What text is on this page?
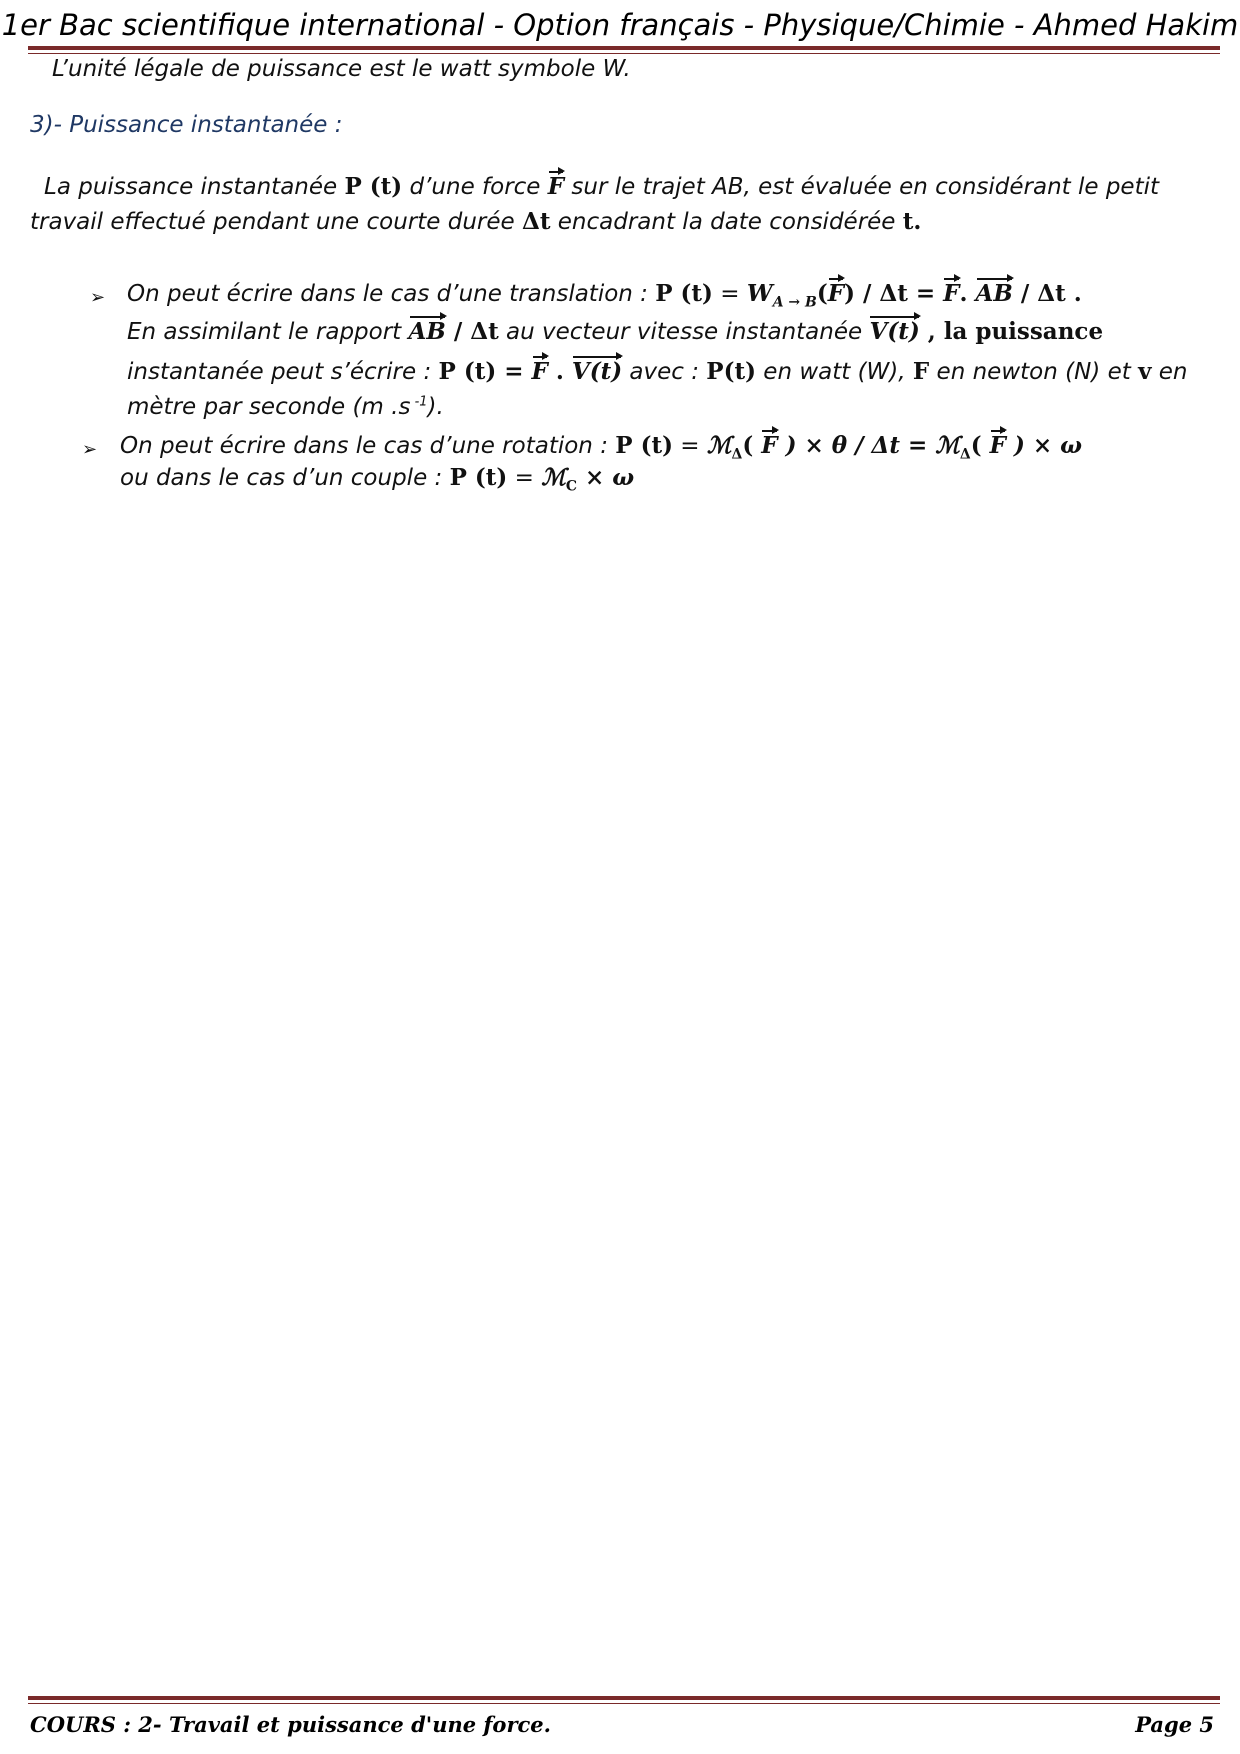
1er Bac scientifique international - Option français - Physique/Chimie - Ahmed Hakim
L’unité légale de puissance est le watt symbole W.
3)- Puissance instantanée :
La puissance instantanée P (t) d’une force F sur le trajet AB, est évaluée en considérant le petit
travail effectué pendant une courte durée Δt encadrant la date considérée t.
➢ On peut écrire dans le cas d’une translation : P $(t) = W_{A \to B}(F) / \Delta t = F$. AB / Δt .
En assimilant le rapport AB / Δt au vecteur vitesse instantanée V(t) , la puissance
instantanée peut s’écrire : P (t) = F . V(t) avec : P(t) en watt (W), F en newton (N) et v en
mètre par seconde (m .s $^{-1}$).
➢ On peut écrire dans le cas d’une rotation : P (t) = ℳ$_\Delta$( F ) × θ / Δt = ℳ$_\Delta$( F ) × ω
ou dans le cas d’un couple : P (t) = ℳ$_C$ × ω
COURS : 2- Travail et puissance d'une force.	Page 5
